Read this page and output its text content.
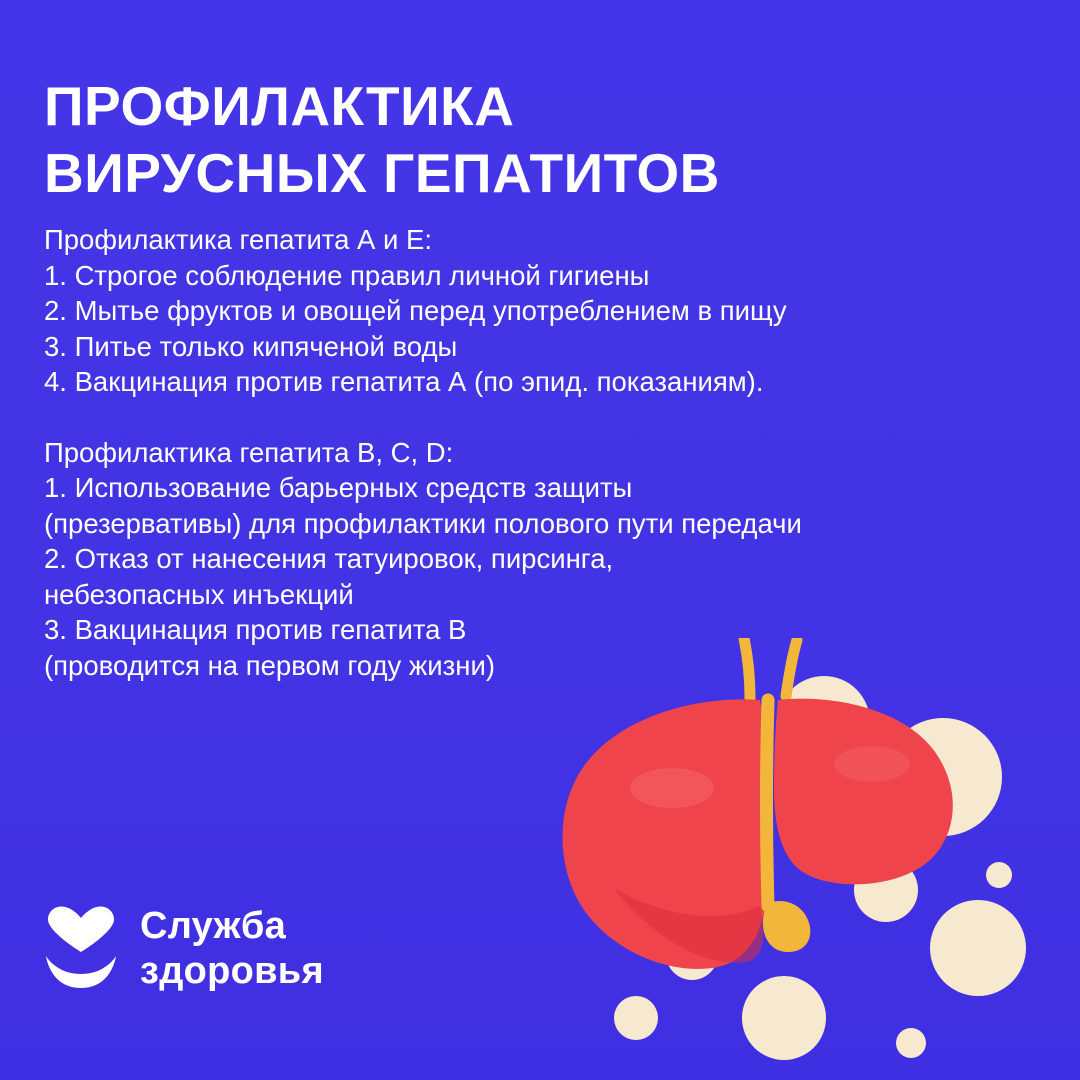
ПРОФИЛАКТИКА
ВИРУСНЫХ ГЕПАТИТОВ
Профилактика гепатита А и Е:
1. Строгое соблюдение правил личной гигиены
2. Мытье фруктов и овощей перед употреблением в пищу
3. Питье только кипяченой воды
4. Вакцинация против гепатита А (по эпид. показаниям).
Профилактика гепатита B, C, D:
1. Использование барьерных средств защиты
(презервативы) для профилактики полового пути передачи
2. Отказ от нанесения татуировок, пирсинга,
небезопасных инъекций
3. Вакцинация против гепатита B
(проводится на первом году жизни)
Служба
здоровья
